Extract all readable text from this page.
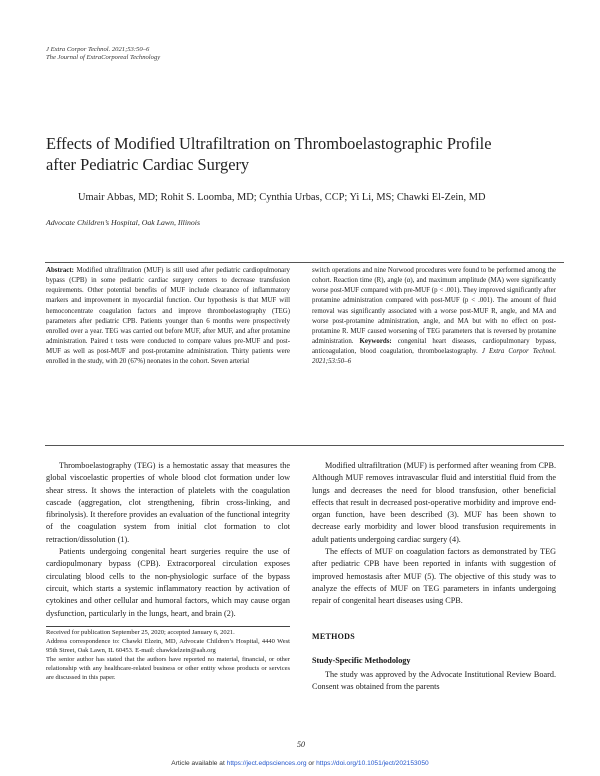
J Extra Corpor Technol. 2021;53:50–6
The Journal of ExtraCorporeal Technology
Effects of Modified Ultrafiltration on Thromboelastographic Profile
after Pediatric Cardiac Surgery
Umair Abbas, MD; Rohit S. Loomba, MD; Cynthia Urbas, CCP; Yi Li, MS; Chawki El-Zein, MD
Advocate Children’s Hospital, Oak Lawn, Illinois
Abstract: Modified ultrafiltration (MUF) is still used after pediatric cardiopulmonary bypass (CPB) in some pediatric cardiac surgery centers to decrease transfusion requirements. Other potential benefits of MUF include clearance of inflammatory markers and improvement in myocardial function. Our hypothesis is that MUF will hemoconcentrate coagulation factors and improve thromboelastography (TEG) parameters after pediatric CPB. Patients younger than 6 months were prospectively enrolled over a year. TEG was carried out before MUF, after MUF, and after protamine administration. Paired t tests were conducted to compare values pre-MUF and post-MUF as well as post-MUF and post-protamine administration. Thirty patients were enrolled in the study, with 20 (67%) neonates in the cohort. Seven arterial
switch operations and nine Norwood procedures were found to be performed among the cohort. Reaction time (R), angle (α), and maximum amplitude (MA) were significantly worse post-MUF compared with pre-MUF (p < .001). They improved significantly after protamine administration compared with post-MUF (p < .001). The amount of fluid removal was significantly associated with a worse post-MUF R, angle, and MA and worse post-protamine administration, angle, and MA but with no effect on post-protamine R. MUF caused worsening of TEG parameters that is reversed by protamine administration. Keywords: congenital heart diseases, cardiopulmonary bypass, anticoagulation, blood coagulation, thromboelastography. J Extra Corpor Technol. 2021;53:50–6

Thromboelastography (TEG) is a hemostatic assay that measures the global viscoelastic properties of whole blood clot formation under low shear stress. It shows the interaction of platelets with the coagulation cascade (aggregation, clot strengthening, fibrin cross-linking, and fibrinolysis). It therefore provides an evaluation of the functional integrity of the coagulation system from initial clot formation to clot retraction/dissolution (1).

Patients undergoing congenital heart surgeries require the use of cardiopulmonary bypass (CPB). Extracorporeal circulation exposes circulating blood cells to the non-physiologic surface of the bypass circuit, which starts a systemic inflammatory reaction by activation of cytokines and other cellular and humoral factors, which may cause organ dysfunction, particularly in the lungs, heart, and brain (2).

Modified ultrafiltration (MUF) is performed after weaning from CPB. Although MUF removes intravascular fluid and interstitial fluid from the lungs and decreases the need for blood transfusion, other beneficial effects that result in decreased post-operative morbidity and improve end-organ function, have been described (3). MUF has been shown to decrease early morbidity and lower blood transfusion requirements in adult patients undergoing cardiac surgery (4).

The effects of MUF on coagulation factors as demonstrated by TEG after pediatric CPB have been reported in infants with suggestion of improved hemostasis after MUF (5). The objective of this study was to analyze the effects of MUF on TEG parameters in infants undergoing repair of congenital heart diseases using CPB.

METHODS
Study-Specific Methodology
The study was approved by the Advocate Institutional Review Board. Consent was obtained from the parents

Received for publication September 25, 2020; accepted January 6, 2021.

Address correspondence to: Chawki Elzein, MD, Advocate Children’s Hospital, 4440 West 95th Street, Oak Lawn, IL 60453. E-mail: chawkielzein@aah.org

The senior author has stated that the authors have reported no material, financial, or other relationship with any healthcare-related business or other entity whose products or services are discussed in this paper.

50
Article available at https://ject.edpsciences.org or https://doi.org/10.1051/ject/202153050
